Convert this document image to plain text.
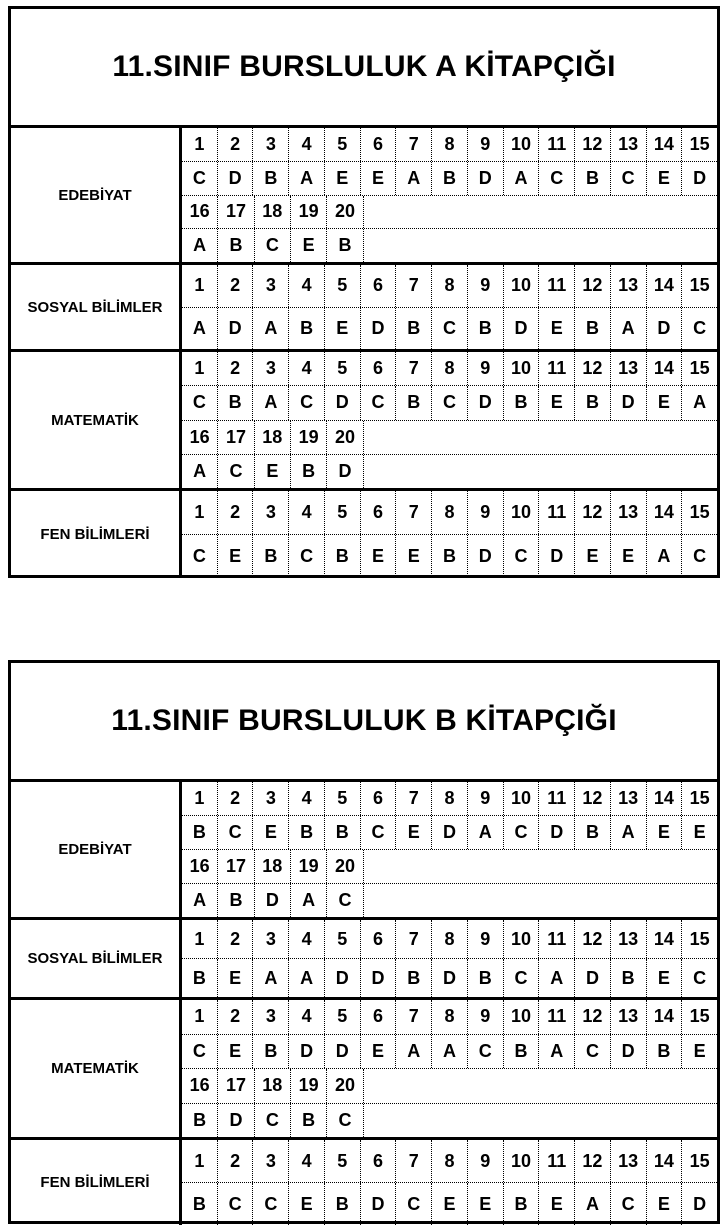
11.SINIF BURSLULUK A KİTAPÇIĞI
EDEBİYAT
1	2	3	4	5	6	7	8	9	10 11 12 13 14 15
C	D	B	A	E	E	A	B	D	A	C	B	C	E	D
16 17 18 19 20
A	B	C	E	B
SOSYAL BİLİMLER
1	2	3	4	5	6	7	8	9	10 11 12 13 14 15
A	D	A	B	E	D	B	C	B	D	E	B	A	D	C
MATEMATİK
1	2	3	4	5	6	7	8	9	10 11 12 13 14 15
C	B	A	C	D	C	B	C	D	B	E	B	D	E	A
16 17 18 19 20
A	C	E	B	D
FEN BİLİMLERİ
1	2	3	4	5	6	7	8	9	10 11 12 13 14 15
C	E	B	C	B	E	E	B	D	C	D	E	E	A	C
11.SINIF BURSLULUK B KİTAPÇIĞI
EDEBİYAT
1	2	3	4	5	6	7	8	9	10 11 12 13 14 15
B	C	E	B	B	C	E	D	A	C	D	B	A	E	E
16 17 18 19 20
A	B	D	A	C
SOSYAL BİLİMLER
1	2	3	4	5	6	7	8	9	10 11 12 13 14 15
B	E	A	A	D	D	B	D	B	C	A	D	B	E	C
MATEMATİK
1	2	3	4	5	6	7	8	9	10 11 12 13 14 15
C	E	B	D	D	E	A	A	C	B	A	C	D	B	E
16 17 18 19 20
B	D	C	B	C
FEN BİLİMLERİ
1	2	3	4	5	6	7	8	9	10 11 12 13 14 15
B	C	C	E	B	D	C	E	E	B	E	A	C	E	D
